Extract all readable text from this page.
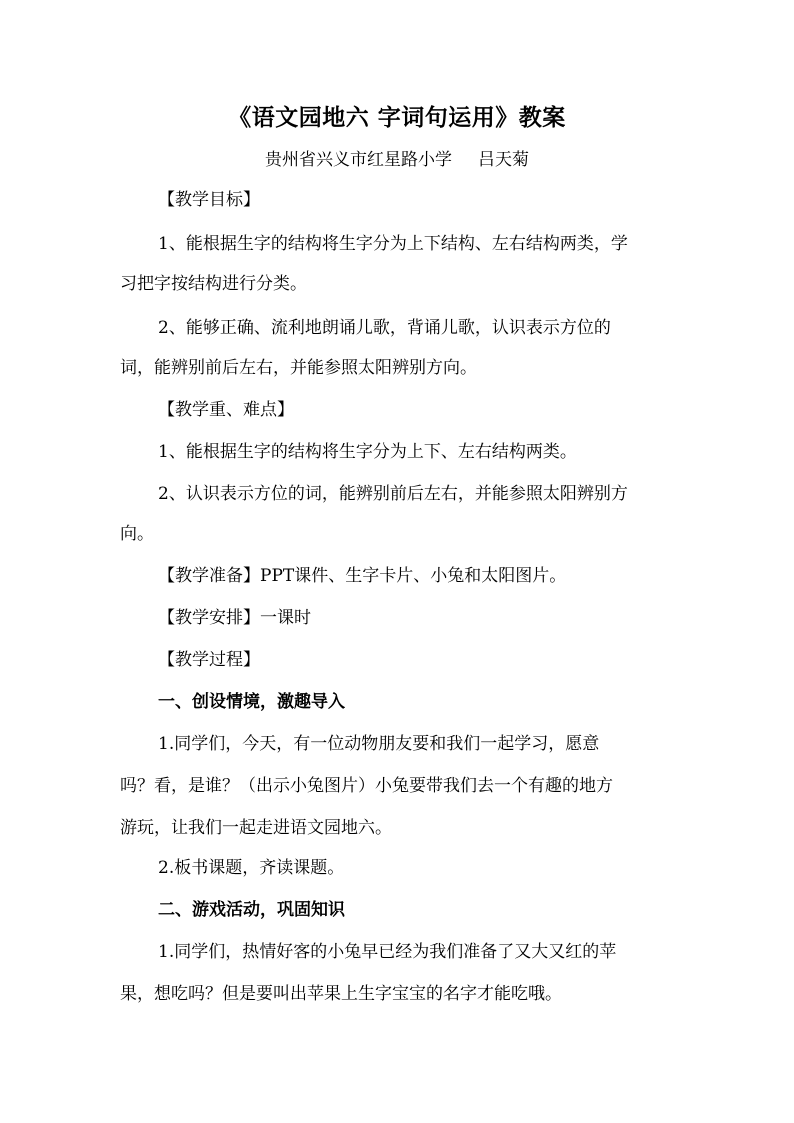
《语文园地六 字词句运用》教案
贵州省兴义市红星路小学 吕天菊
【教学目标】
1、能根据生字的结构将生字分为上下结构、左右结构两类，学
习把字按结构进行分类。
2、能够正确、流利地朗诵儿歌，背诵儿歌，认识表示方位的
词，能辨别前后左右，并能参照太阳辨别方向。
【教学重、难点】
1、能根据生字的结构将生字分为上下、左右结构两类。
2、认识表示方位的词，能辨别前后左右，并能参照太阳辨别方
向。
【教学准备】PPT课件、生字卡片、小兔和太阳图片。
【教学安排】一课时
【教学过程】
一、创设情境，激趣导入
1.同学们，今天，有一位动物朋友要和我们一起学习，愿意
吗？看，是谁？（出示小兔图片）小兔要带我们去一个有趣的地方
游玩，让我们一起走进语文园地六。
2.板书课题，齐读课题。
二、游戏活动，巩固知识
1.同学们，热情好客的小兔早已经为我们准备了又大又红的苹
果，想吃吗？但是要叫出苹果上生字宝宝的名字才能吃哦。
